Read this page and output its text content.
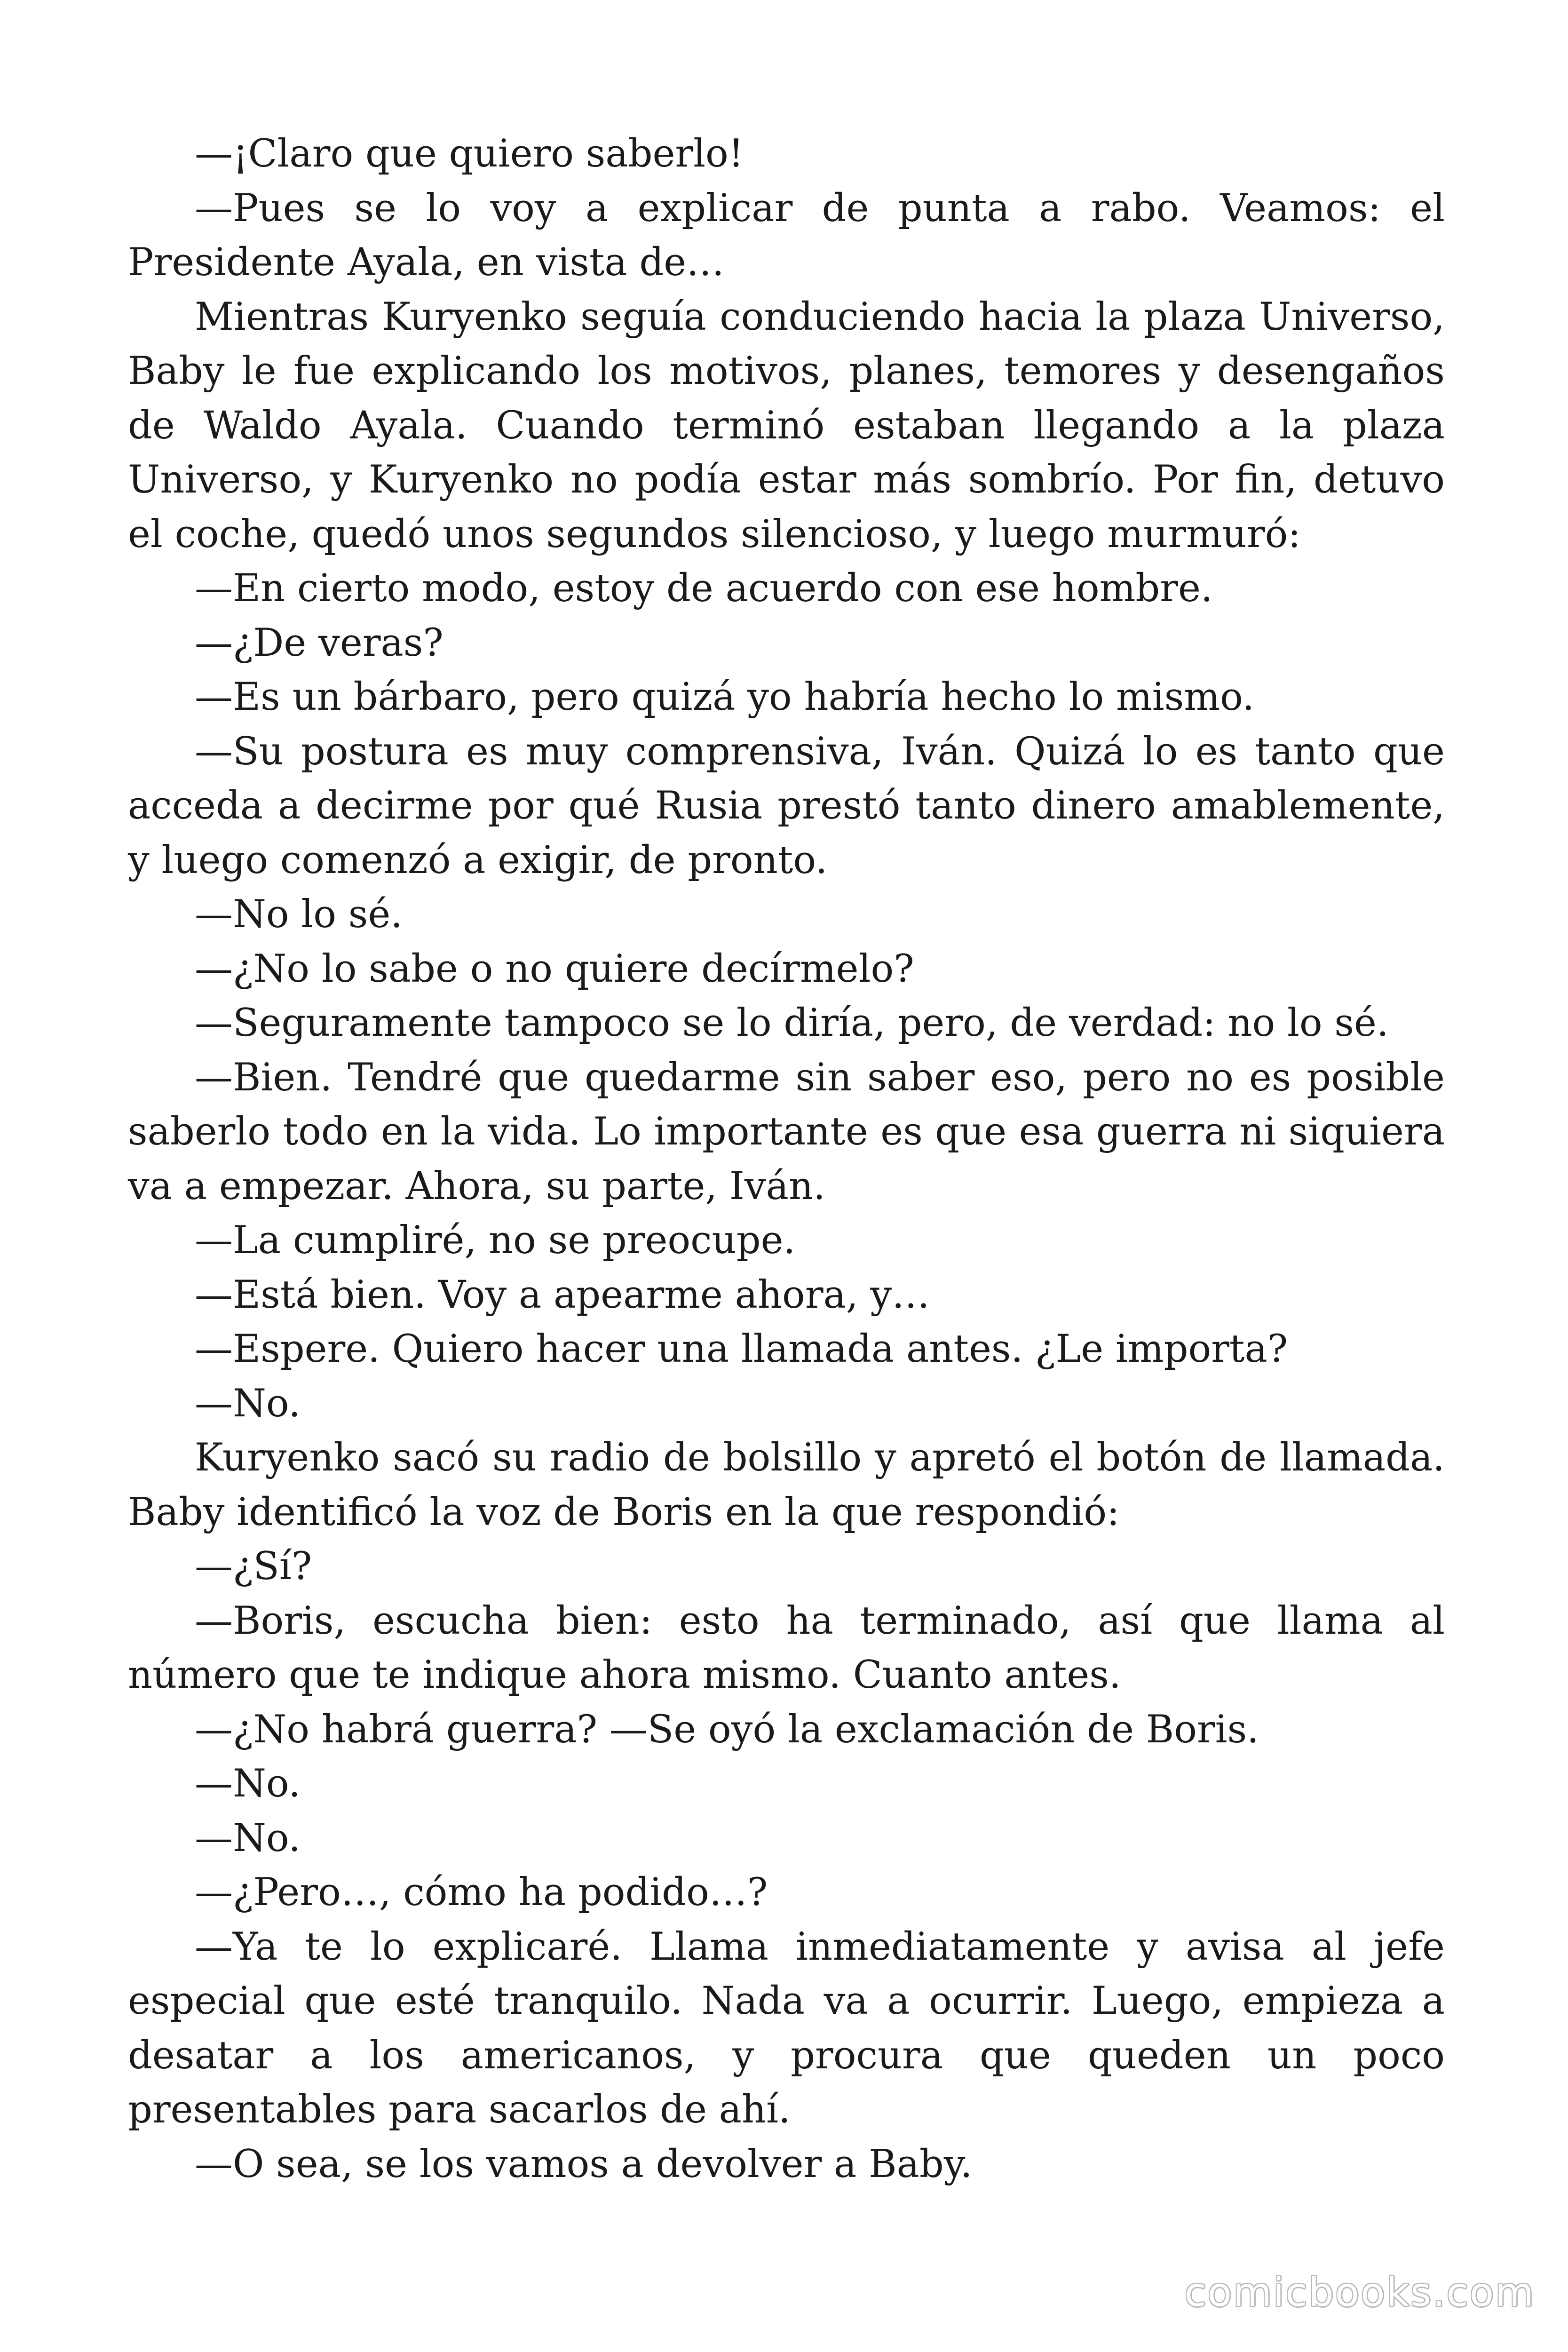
—¡Claro que quiero saberlo!

—Pues se lo voy a explicar de punta a rabo. Veamos: el Presidente Ayala, en vista de…

Mientras Kuryenko seguía conduciendo hacia la plaza Universo, Baby le fue explicando los motivos, planes, temores y desengaños de Waldo Ayala. Cuando terminó estaban llegando a la plaza Universo, y Kuryenko no podía estar más sombrío. Por fin, detuvo el coche, quedó unos segundos silencioso, y luego murmuró:

—En cierto modo, estoy de acuerdo con ese hombre.

—¿De veras?

—Es un bárbaro, pero quizá yo habría hecho lo mismo.

—Su postura es muy comprensiva, Iván. Quizá lo es tanto que acceda a decirme por qué Rusia prestó tanto dinero amablemente, y luego comenzó a exigir, de pronto.

—No lo sé.

—¿No lo sabe o no quiere decírmelo?

—Seguramente tampoco se lo diría, pero, de verdad: no lo sé.

—Bien. Tendré que quedarme sin saber eso, pero no es posible saberlo todo en la vida. Lo importante es que esa guerra ni siquiera va a empezar. Ahora, su parte, Iván.

—La cumpliré, no se preocupe.

—Está bien. Voy a apearme ahora, y…

—Espere. Quiero hacer una llamada antes. ¿Le importa?

—No.

Kuryenko sacó su radio de bolsillo y apretó el botón de llamada. Baby identificó la voz de Boris en la que respondió:

—¿Sí?

—Boris, escucha bien: esto ha terminado, así que llama al número que te indique ahora mismo. Cuanto antes.

—¿No habrá guerra? —Se oyó la exclamación de Boris.

—No.

—No.

—¿Pero…, cómo ha podido…?

—Ya te lo explicaré. Llama inmediatamente y avisa al jefe especial que esté tranquilo. Nada va a ocurrir. Luego, empieza a desatar a los americanos, y procura que queden un poco presentables para sacarlos de ahí.

—O sea, se los vamos a devolver a Baby.

comicbooks.com
